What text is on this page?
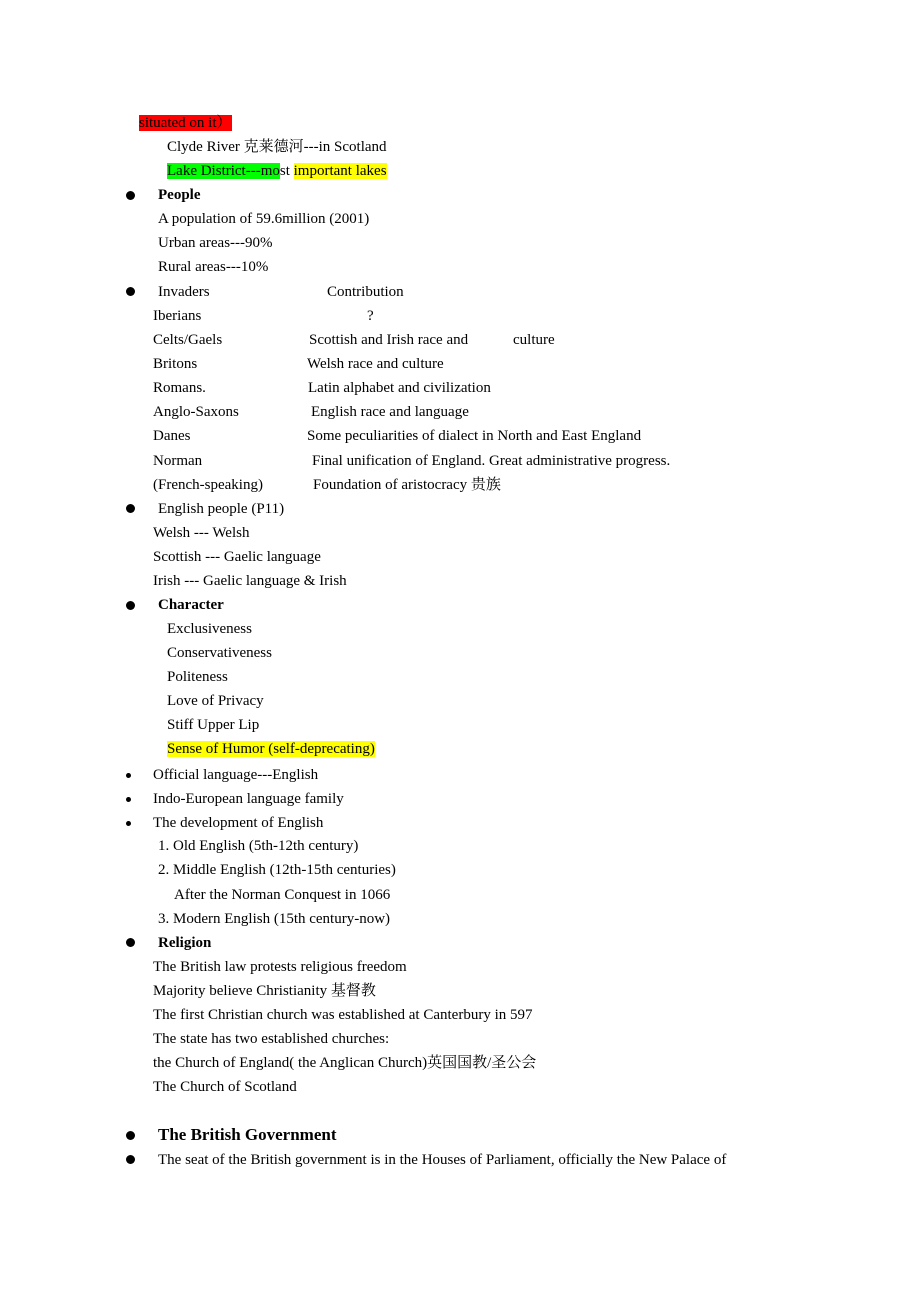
situated on it）
Clyde River 克莱德河---in Scotland
Lake District---most important lakes
People
A population of 59.6million (2001)
Urban areas---90%
Rural areas---10%
Invaders	Contribution
Iberians	?
Celts/Gaels	Scottish and Irish race and	culture
Britons	Welsh race and culture
Romans.	Latin alphabet and civilization
Anglo-Saxons	English race and language
Danes	Some peculiarities of dialect in North and East England
Norman	Final unification of England. Great administrative progress.
(French-speaking)	Foundation of aristocracy 贵族
English people (P11)
Welsh --- Welsh
Scottish --- Gaelic language
Irish --- Gaelic language & Irish
Character
Exclusiveness
Conservativeness
Politeness
Love of Privacy
Stiff Upper Lip
Sense of Humor (self-deprecating)
Official language---English
Indo-European language family
The development of English
1. Old English (5th-12th century)
2. Middle English (12th-15th centuries)
After the Norman Conquest in 1066
3. Modern English (15th century-now)
Religion
The British law protests religious freedom
Majority believe Christianity 基督教
The first Christian church was established at Canterbury in 597
The state has two established churches:
the Church of England( the Anglican Church)英国国教/圣公会
The Church of Scotland
The British Government
The seat of the British government is in the Houses of Parliament, officially the New Palace of
